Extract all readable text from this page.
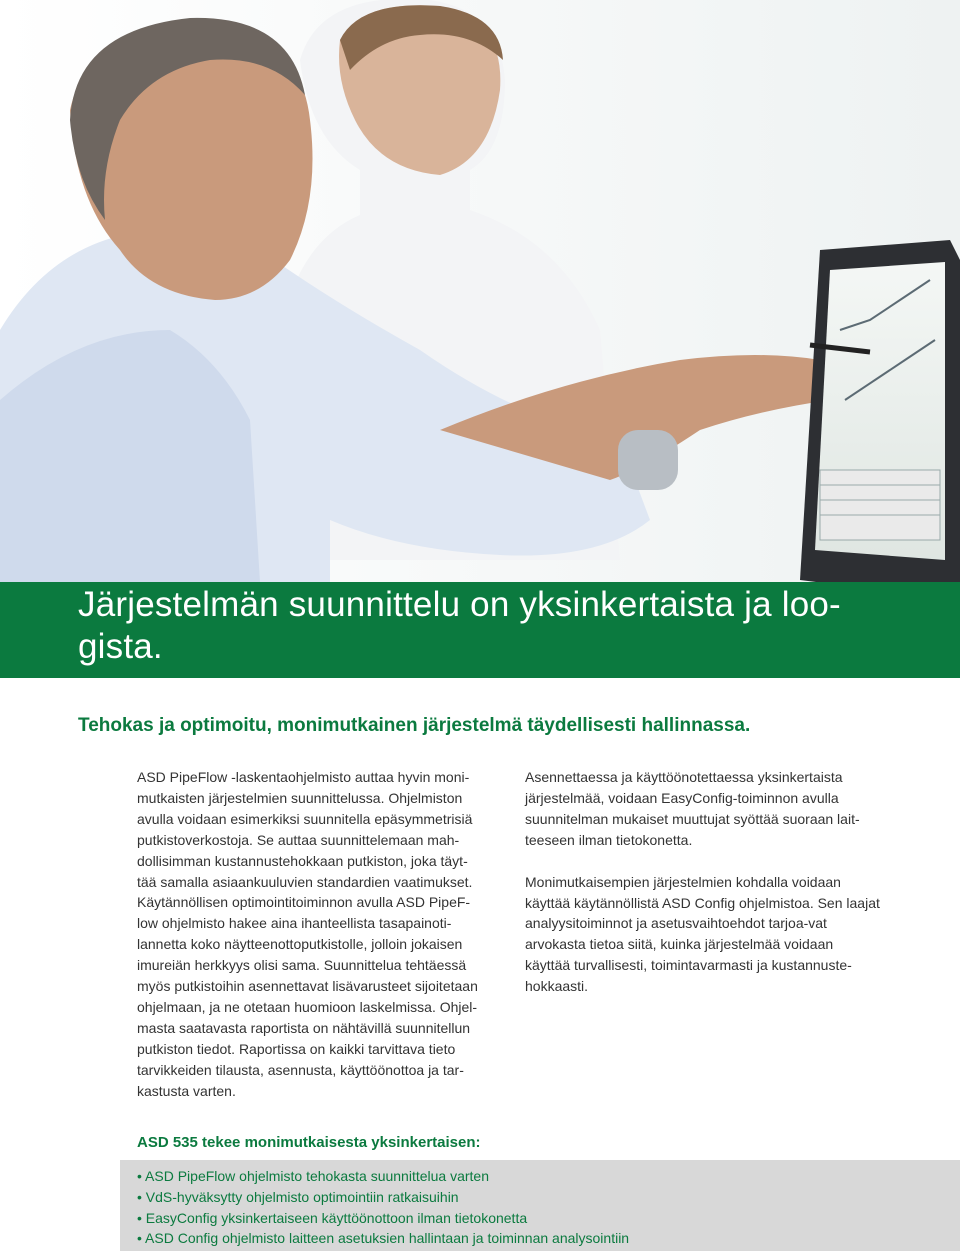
Järjestelmän suunnittelu on yksinkertaista ja loo-gista.
Tehokas ja optimoitu, monimutkainen järjestelmä täydellisesti hallinnassa.

ASD PipeFlow -laskentaohjelmisto auttaa hyvin moni-mutkaisten järjestelmien suunnittelussa. Ohjelmiston avulla voidaan esimerkiksi suunnitella epäsymmetrisiä putkistoverkostoja. Se auttaa suunnittelemaan mah-dollisimman kustannustehokkaan putkiston, joka täyt-tää samalla asiaankuuluvien standardien vaatimukset. Käytännöllisen optimointitoiminnon avulla ASD PipeF-low ohjelmisto hakee aina ihanteellista tasapainoti-lannetta koko näytteenottoputkistolle, jolloin jokaisen imureiän herkkyys olisi sama. Suunnittelua tehtäessä myös putkistoihin asennettavat lisävarusteet sijoitetaan ohjelmaan, ja ne otetaan huomioon laskelmissa. Ohjel-masta saatavasta raportista on nähtävillä suunnitellun putkiston tiedot. Raportissa on kaikki tarvittava tieto tarvikkeiden tilausta, asennusta, käyttöönottoa ja tar-kastusta varten.

Asennettaessa ja käyttöönotettaessa yksinkertaista järjestelmää, voidaan EasyConfig-toiminnon avulla suunnitelman mukaiset muuttujat syöttää suoraan lait-teeseen ilman tietokonetta.

Monimutkaisempien järjestelmien kohdalla voidaan käyttää käytännöllistä ASD Config ohjelmistoa. Sen laajat analyysitoiminnot ja asetusvaihtoehdot tarjoa-vat arvokasta tietoa siitä, kuinka järjestelmää voidaan käyttää turvallisesti, toimintavarmasti ja kustannuste-hokkaasti.

ASD 535 tekee monimutkaisesta yksinkertaisen:
• ASD PipeFlow ohjelmisto tehokasta suunnittelua varten
• VdS-hyväksytty ohjelmisto optimointiin ratkaisuihin
• EasyConfig yksinkertaiseen käyttöönottoon ilman tietokonetta
• ASD Config ohjelmisto laitteen asetuksien hallintaan ja toiminnan analysointiin
